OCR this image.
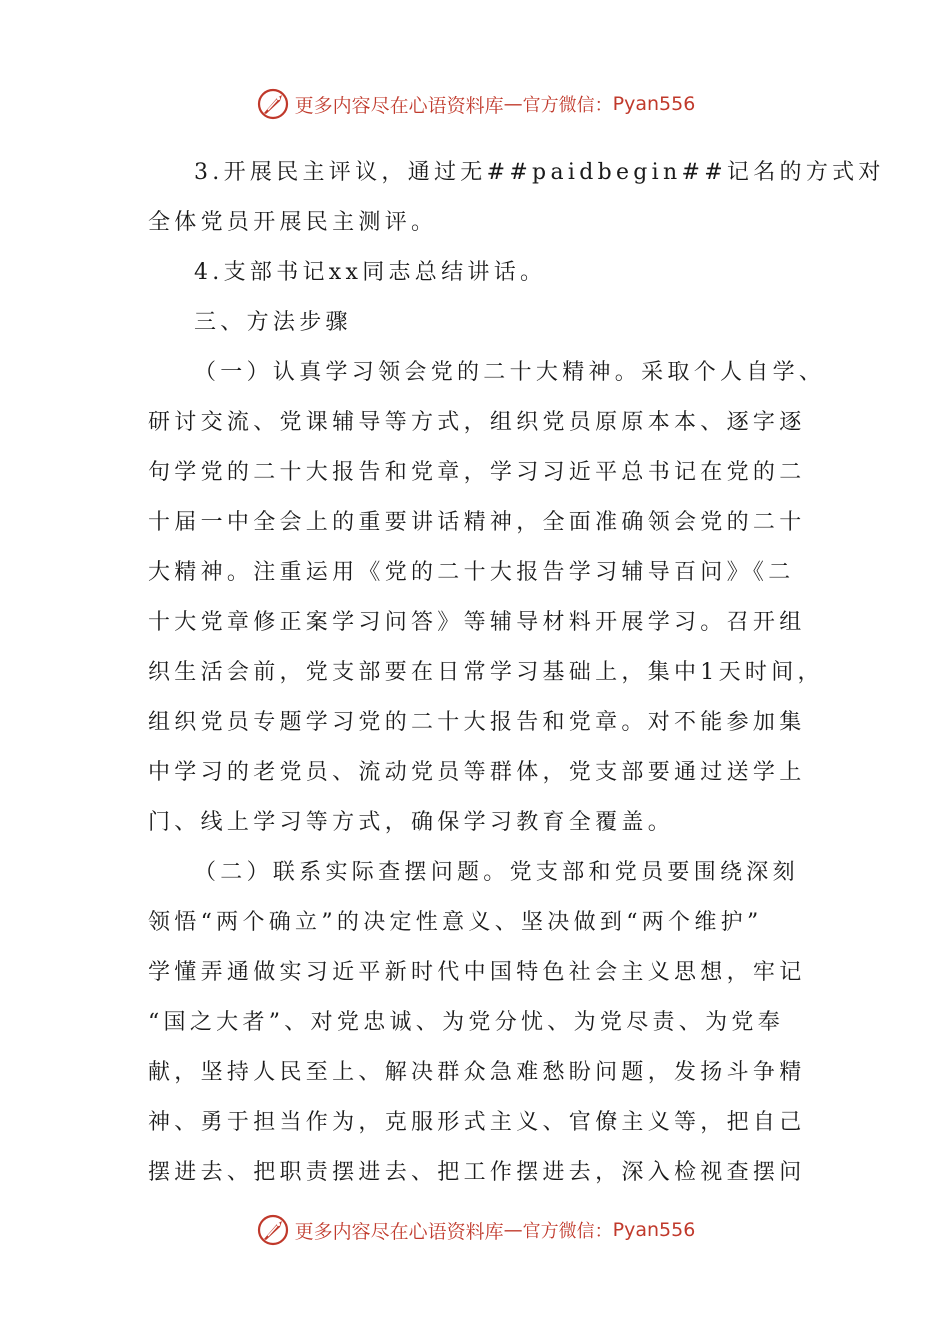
更多内容尽在心语资料库 — 官方微信： Pyan556
3.开展民主评议，通过无##paidbegin##记名的方式对
全体党员开展民主测评。
4.支部书记xx同志总结讲话。
三、方法步骤
（一）认真学习领会党的二十大精神。采取个人自学、
研讨交流、党课辅导等方式，组织党员原原本本、逐字逐
句学党的二十大报告和党章，学习习近平总书记在党的二
十届一中全会上的重要讲话精神，全面准确领会党的二十
大精神。注重运用《党的二十大报告学习辅导百问》《二
十大党章修正案学习问答》等辅导材料开展学习。召开组
织生活会前，党支部要在日常学习基础上，集中1天时间，
组织党员专题学习党的二十大报告和党章。对不能参加集
中学习的老党员、流动党员等群体，党支部要通过送学上
门、线上学习等方式，确保学习教育全覆盖。
（二）联系实际查摆问题。党支部和党员要围绕深刻
领悟“两个确立”的决定性意义、坚决做到“两个维护”
学懂弄通做实习近平新时代中国特色社会主义思想，牢记
“国之大者”、对党忠诚、为党分忧、为党尽责、为党奉
献，坚持人民至上、解决群众急难愁盼问题，发扬斗争精
神、勇于担当作为，克服形式主义、官僚主义等，把自己
摆进去、把职责摆进去、把工作摆进去，深入检视查摆问
更多内容尽在心语资料库 — 官方微信： Pyan556
